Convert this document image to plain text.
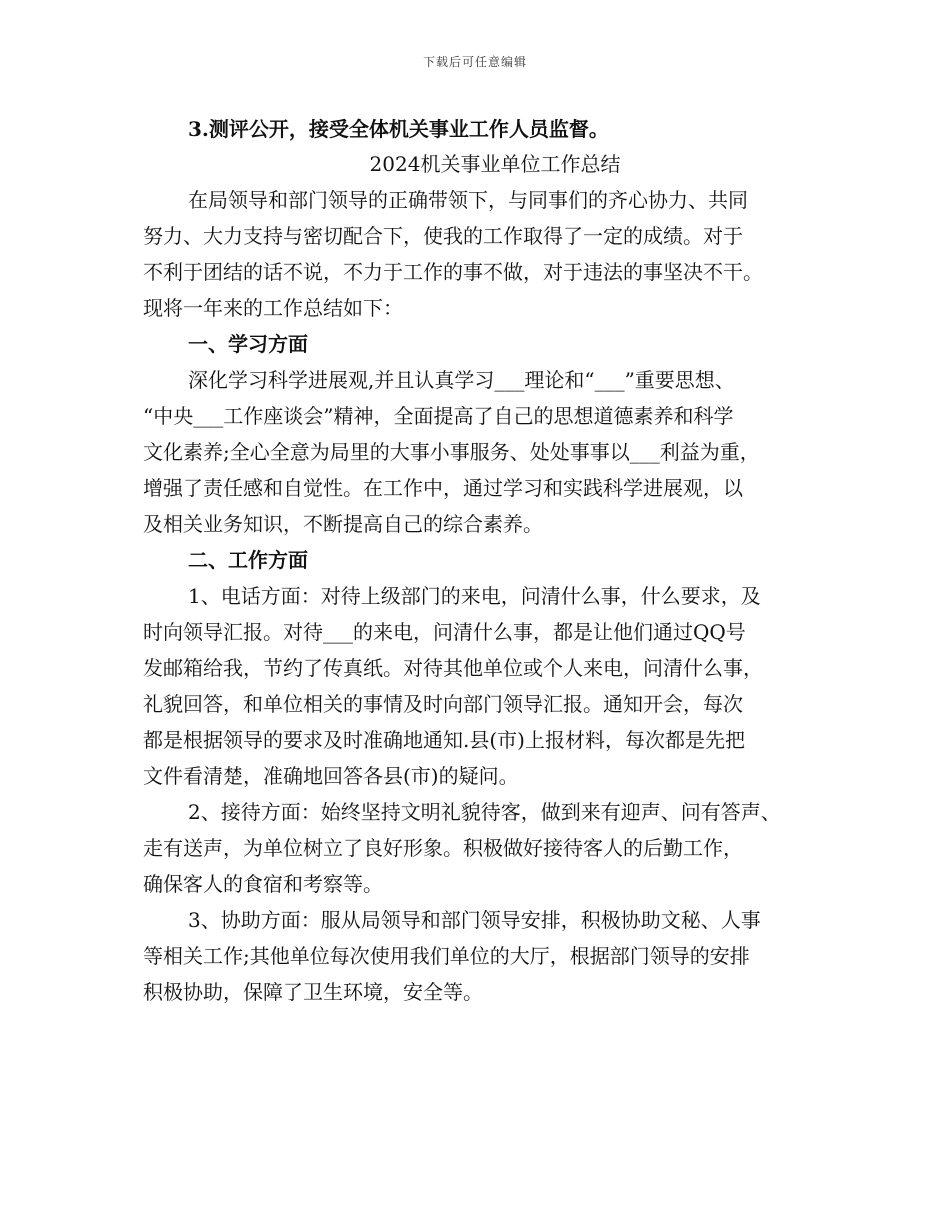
下载后可任意编辑
3.测评公开，接受全体机关事业工作人员监督。
2024机关事业单位工作总结
在局领导和部门领导的正确带领下，与同事们的齐心协力、共同
努力、大力支持与密切配合下，使我的工作取得了一定的成绩。对于
不利于团结的话不说，不力于工作的事不做，对于违法的事坚决不干。
现将一年来的工作总结如下：
一、学习方面
深化学习科学进展观,并且认真学习___理论和“___”重要思想、
“中央___工作座谈会”精神，全面提高了自己的思想道德素养和科学
文化素养;全心全意为局里的大事小事服务、处处事事以___利益为重，
增强了责任感和自觉性。在工作中，通过学习和实践科学进展观，以
及相关业务知识，不断提高自己的综合素养。
二、工作方面
1、电话方面：对待上级部门的来电，问清什么事，什么要求，及
时向领导汇报。对待___的来电，问清什么事，都是让他们通过QQ号
发邮箱给我，节约了传真纸。对待其他单位或个人来电，问清什么事，
礼貌回答，和单位相关的事情及时向部门领导汇报。通知开会，每次
都是根据领导的要求及时准确地通知.县(市)上报材料，每次都是先把
文件看清楚，准确地回答各县(市)的疑问。
2、接待方面：始终坚持文明礼貌待客，做到来有迎声、问有答声、
走有送声，为单位树立了良好形象。积极做好接待客人的后勤工作，
确保客人的食宿和考察等。
3、协助方面：服从局领导和部门领导安排，积极协助文秘、人事
等相关工作;其他单位每次使用我们单位的大厅，根据部门领导的安排
积极协助，保障了卫生环境，安全等。
